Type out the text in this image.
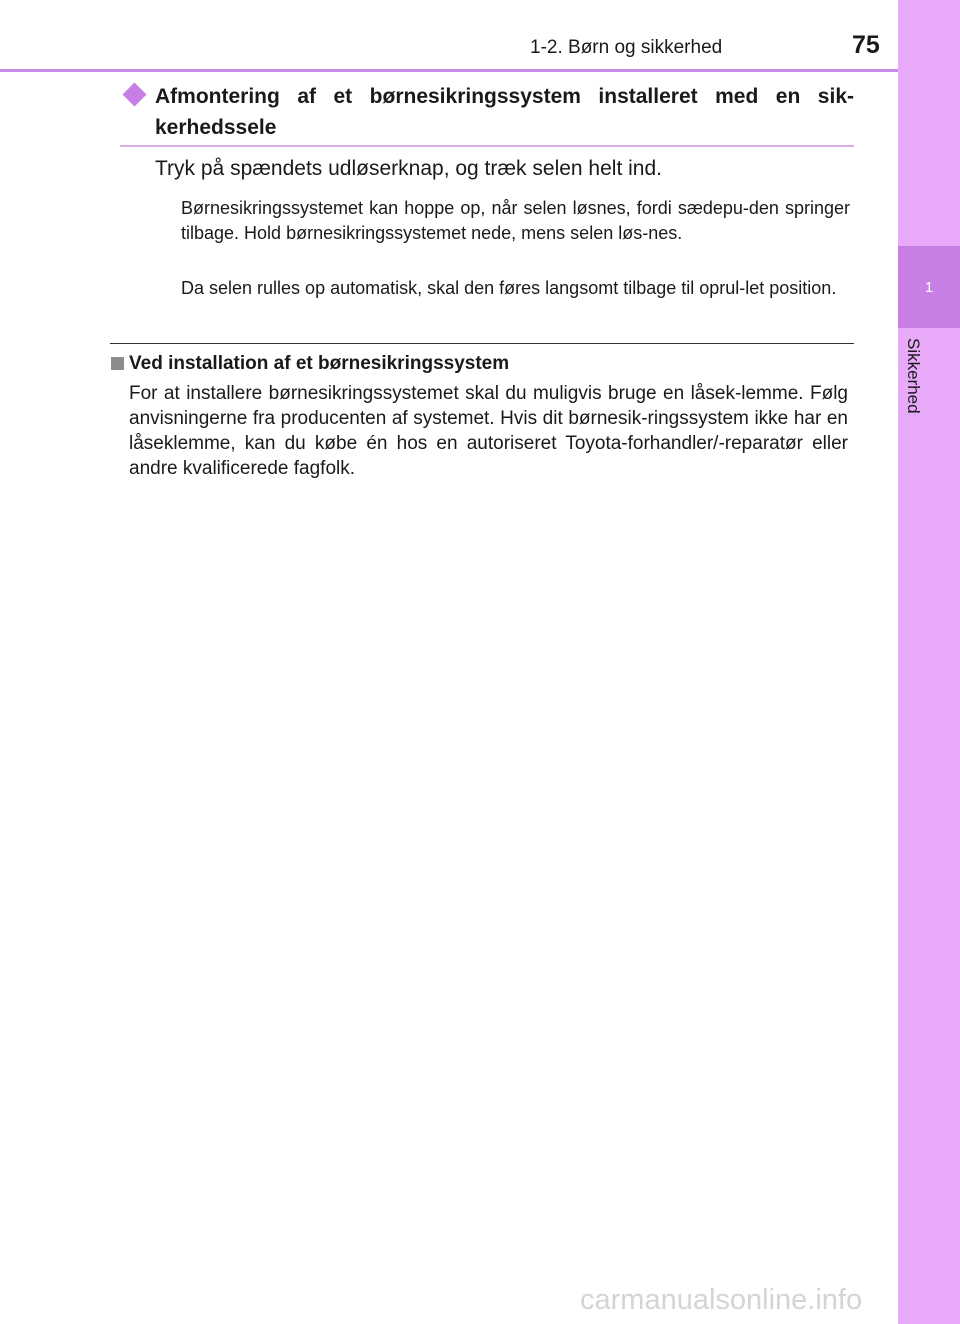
1
Sikkerhed
1-2. Børn og sikkerhed	75
Afmontering af et børnesikringssystem installeret med en sik-kerhedssele
Tryk på spændets udløserknap, og træk selen helt ind.
Børnesikringssystemet kan hoppe op, når selen løsnes, fordi sædepu-den springer tilbage. Hold børnesikringssystemet nede, mens selen løs-nes.
Da selen rulles op automatisk, skal den føres langsomt tilbage til oprul-let position.
Ved installation af et børnesikringssystem
For at installere børnesikringssystemet skal du muligvis bruge en låsek-lemme. Følg anvisningerne fra producenten af systemet. Hvis dit børnesik-ringssystem ikke har en låseklemme, kan du købe én hos en autoriseret Toyota-forhandler/-reparatør eller andre kvalificerede fagfolk.
carmanualsonline.info
